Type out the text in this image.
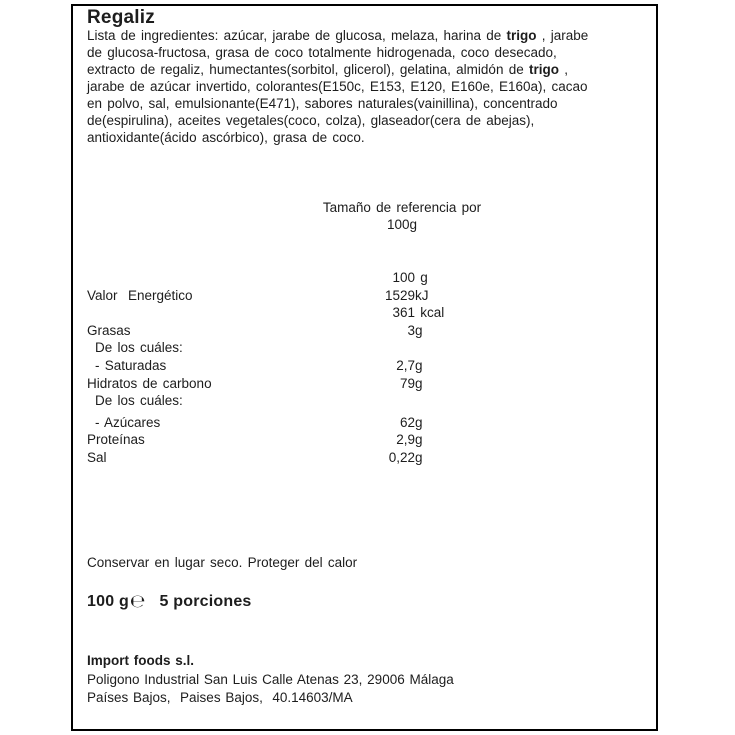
Regaliz
Lista de ingredientes: azúcar, jarabe de glucosa, melaza, harina de trigo , jarabe
de glucosa-fructosa, grasa de coco totalmente hidrogenada, coco desecado,
extracto de regaliz, humectantes(sorbitol, glicerol), gelatina, almidón de trigo ,
jarabe de azúcar invertido, colorantes(E150c, E153, E120, E160e, E160a), cacao
en polvo, sal, emulsionante(E471), sabores naturales(vainillina), concentrado
de(espirulina), aceites vegetales(coco, colza), glaseador(cera de abejas),
antioxidante(ácido ascórbico), grasa de coco.
Tamaño de referencia por
100g
100 g
Valor  Energético	1529 kJ
361 kcal
Grasas	3 g
De los cuáles:
- Saturadas	2,7 g
Hidratos de carbono	79 g
De los cuáles:
- Azúcares	62 g
Proteínas	2,9 g
Sal	0,22 g
Conservar en lugar seco. Proteger del calor
100 g℮ 5 porciones
Import foods s.l.
Poligono Industrial San Luis Calle Atenas 23, 29006 Málaga
Países Bajos,  Paises Bajos,  40.14603/MA
